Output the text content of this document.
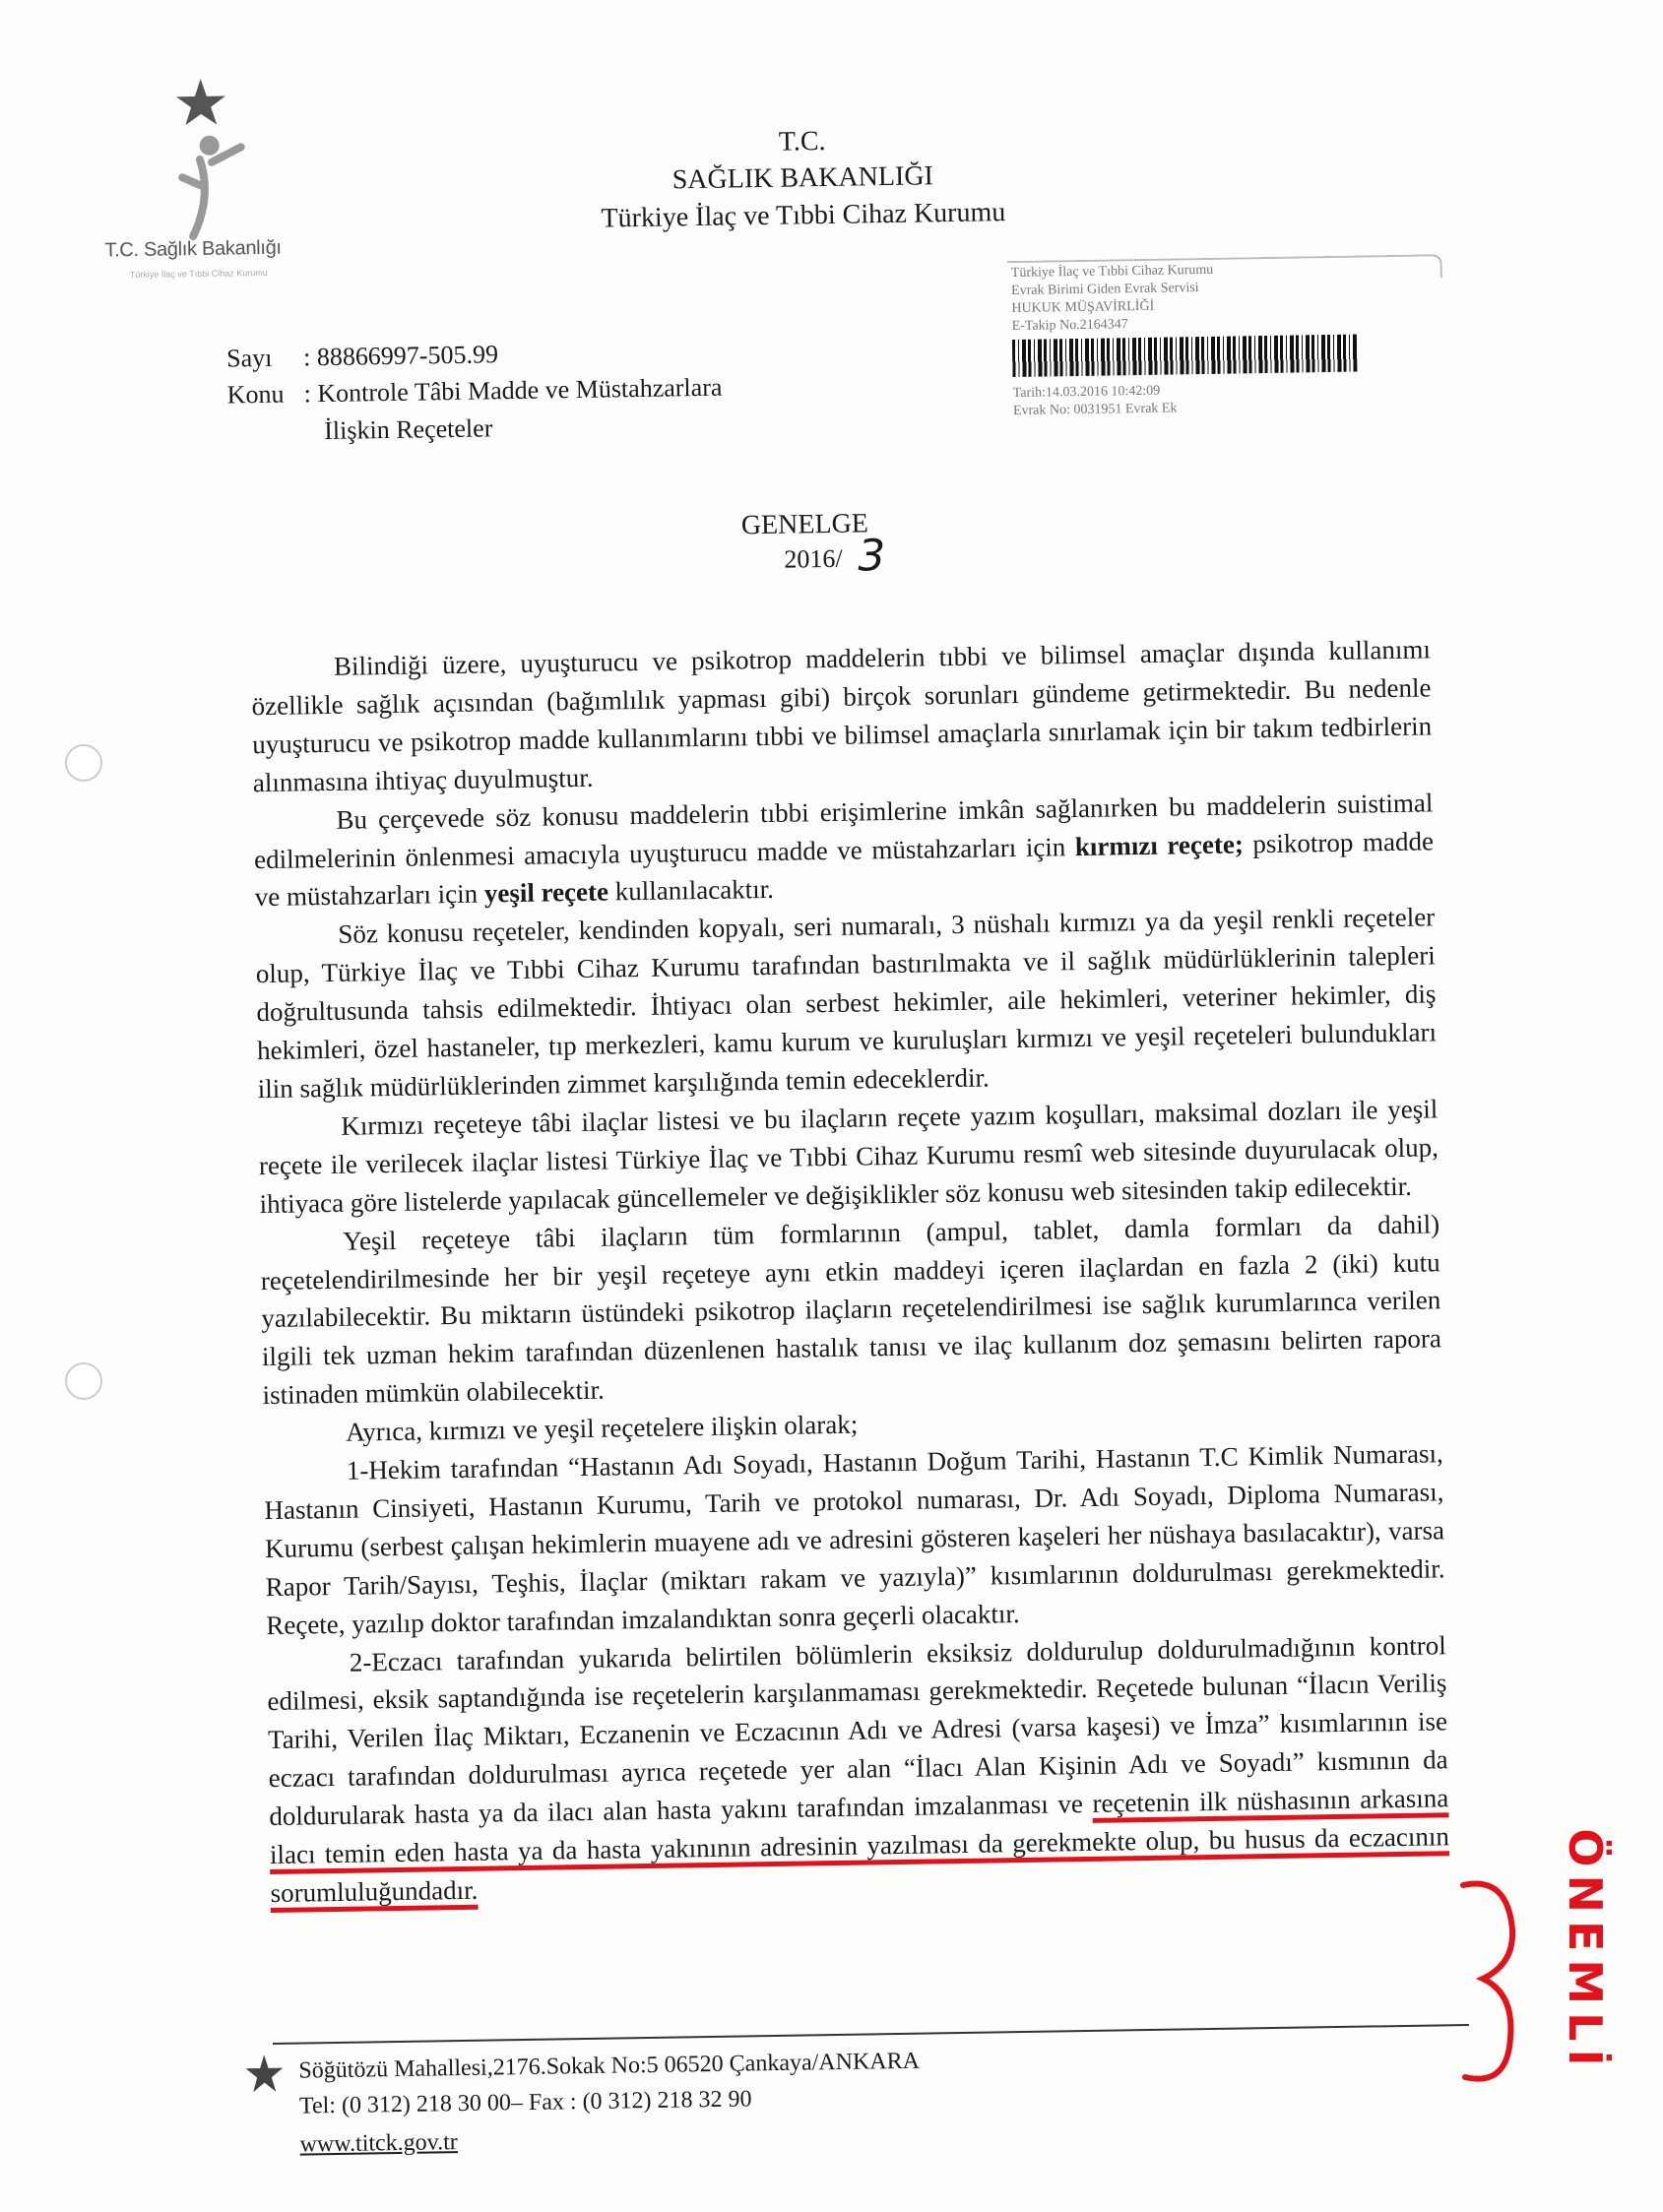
T.C. Sağlık Bakanlığı
Türkiye İlaç ve Tıbbi Cihaz Kurumu
T.C.
SAĞLIK BAKANLIĞI
Türkiye İlaç ve Tıbbi Cihaz Kurumu
Türkiye İlaç ve Tıbbi Cihaz Kurumu
Evrak Birimi Giden Evrak Servisi
HUKUK MÜŞAVİRLİĞİ
E-Takip No.2164347
Tarih:14.03.2016 10:42:09
Evrak No: 0031951 Evrak Ek
Sayı : 88866997-505.99
Konu : Kontrole Tâbi Madde ve Müstahzarlara
İlişkin Reçeteler
GENELGE
2016/ 3

Bilindiği üzere, uyuşturucu ve psikotrop maddelerin tıbbi ve bilimsel amaçlar dışında kullanımı özellikle sağlık açısından (bağımlılık yapması gibi) birçok sorunları gündeme getirmektedir. Bu nedenle uyuşturucu ve psikotrop madde kullanımlarını tıbbi ve bilimsel amaçlarla sınırlamak için bir takım tedbirlerin alınmasına ihtiyaç duyulmuştur.

Bu çerçevede söz konusu maddelerin tıbbi erişimlerine imkân sağlanırken bu maddelerin suistimal edilmelerinin önlenmesi amacıyla uyuşturucu madde ve müstahzarları için kırmızı reçete; psikotrop madde ve müstahzarları için yeşil reçete kullanılacaktır.

Söz konusu reçeteler, kendinden kopyalı, seri numaralı, 3 nüshalı kırmızı ya da yeşil renkli reçeteler olup, Türkiye İlaç ve Tıbbi Cihaz Kurumu tarafından bastırılmakta ve il sağlık müdürlüklerinin talepleri doğrultusunda tahsis edilmektedir. İhtiyacı olan serbest hekimler, aile hekimleri, veteriner hekimler, diş hekimleri, özel hastaneler, tıp merkezleri, kamu kurum ve kuruluşları kırmızı ve yeşil reçeteleri bulundukları ilin sağlık müdürlüklerinden zimmet karşılığında temin edeceklerdir.

Kırmızı reçeteye tâbi ilaçlar listesi ve bu ilaçların reçete yazım koşulları, maksimal dozları ile yeşil reçete ile verilecek ilaçlar listesi Türkiye İlaç ve Tıbbi Cihaz Kurumu resmî web sitesinde duyurulacak olup, ihtiyaca göre listelerde yapılacak güncellemeler ve değişiklikler söz konusu web sitesinden takip edilecektir.

Yeşil reçeteye tâbi ilaçların tüm formlarının (ampul, tablet, damla formları da dahil) reçetelendirilmesinde her bir yeşil reçeteye aynı etkin maddeyi içeren ilaçlardan en fazla 2 (iki) kutu yazılabilecektir. Bu miktarın üstündeki psikotrop ilaçların reçetelendirilmesi ise sağlık kurumlarınca verilen ilgili tek uzman hekim tarafından düzenlenen hastalık tanısı ve ilaç kullanım doz şemasını belirten rapora istinaden mümkün olabilecektir.

Ayrıca, kırmızı ve yeşil reçetelere ilişkin olarak;

1-Hekim tarafından “Hastanın Adı Soyadı, Hastanın Doğum Tarihi, Hastanın T.C Kimlik Numarası, Hastanın Cinsiyeti, Hastanın Kurumu, Tarih ve protokol numarası, Dr. Adı Soyadı, Diploma Numarası, Kurumu (serbest çalışan hekimlerin muayene adı ve adresini gösteren kaşeleri her nüshaya basılacaktır), varsa Rapor Tarih/Sayısı, Teşhis, İlaçlar (miktarı rakam ve yazıyla)” kısımlarının doldurulması gerekmektedir. Reçete, yazılıp doktor tarafından imzalandıktan sonra geçerli olacaktır.

2-Eczacı tarafından yukarıda belirtilen bölümlerin eksiksiz doldurulup doldurulmadığının kontrol edilmesi, eksik saptandığında ise reçetelerin karşılanmaması gerekmektedir. Reçetede bulunan “İlacın Veriliş Tarihi, Verilen İlaç Miktarı, Eczanenin ve Eczacının Adı ve Adresi (varsa kaşesi) ve İmza” kısımlarının ise eczacı tarafından doldurulması ayrıca reçetede yer alan “İlacı Alan Kişinin Adı ve Soyadı” kısmının da doldurularak hasta ya da ilacı alan hasta yakını tarafından imzalanması ve reçetenin ilk nüshasının arkasına ilacı temin eden hasta ya da hasta yakınının adresinin yazılması da gerekmekte olup, bu husus da eczacının sorumluluğundadır.

Söğütözü Mahallesi,2176.Sokak No:5 06520 Çankaya/ANKARA
Tel: (0 312) 218 30 00– Fax : (0 312) 218 32 90
www.titck.gov.tr
ÖNEMLİ
